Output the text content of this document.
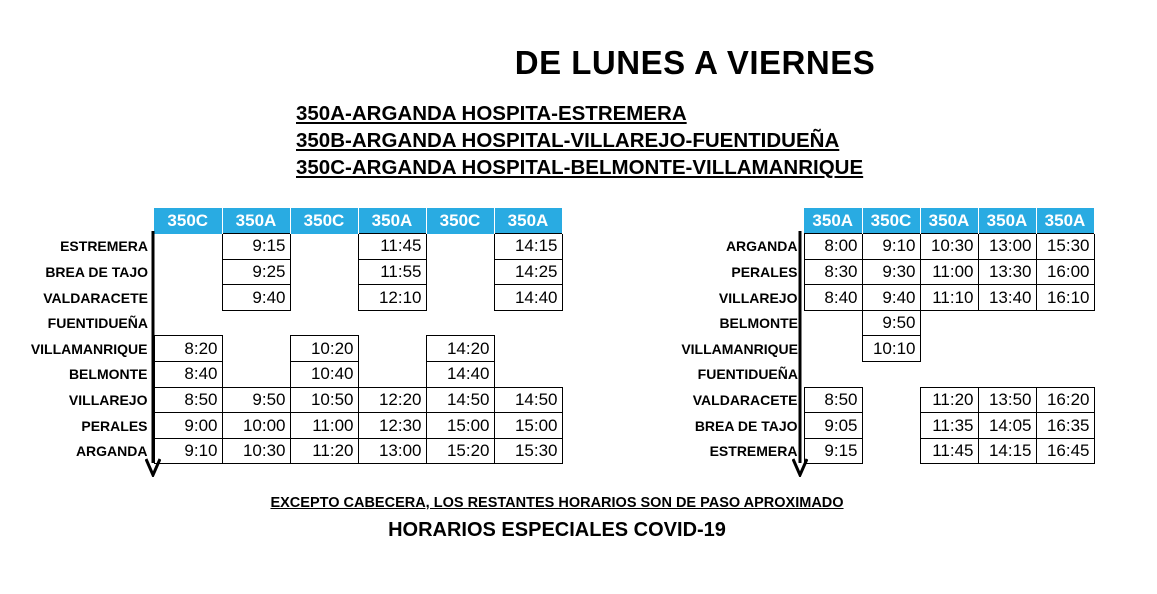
DE LUNES A VIERNES
350A-ARGANDA HOSPITA-ESTREMERA
350B-ARGANDA HOSPITAL-VILLAREJO-FUENTIDUEÑA
350C-ARGANDA HOSPITAL-BELMONTE-VILLAMANRIQUE
	350C	350A	350C	350A	350C	350A
ESTREMERA		9:15		11:45		14:15
BREA DE TAJO		9:25		11:55		14:25
VALDARACETE		9:40		12:10		14:40
FUENTIDUEÑA						
VILLAMANRIQUE	8:20		10:20		14:20	
BELMONTE	8:40		10:40		14:40	
VILLAREJO	8:50	9:50	10:50	12:20	14:50	14:50
PERALES	9:00	10:00	11:00	12:30	15:00	15:00
ARGANDA	9:10	10:30	11:20	13:00	15:20	15:30
	350A	350C	350A	350A	350A
ARGANDA	8:00	9:10	10:30	13:00	15:30
PERALES	8:30	9:30	11:00	13:30	16:00
VILLAREJO	8:40	9:40	11:10	13:40	16:10
BELMONTE		9:50			
VILLAMANRIQUE		10:10			
FUENTIDUEÑA					
VALDARACETE	8:50		11:20	13:50	16:20
BREA DE TAJO	9:05		11:35	14:05	16:35
ESTREMERA	9:15		11:45	14:15	16:45
EXCEPTO CABECERA, LOS RESTANTES HORARIOS SON DE PASO APROXIMADO
HORARIOS ESPECIALES COVID-19
